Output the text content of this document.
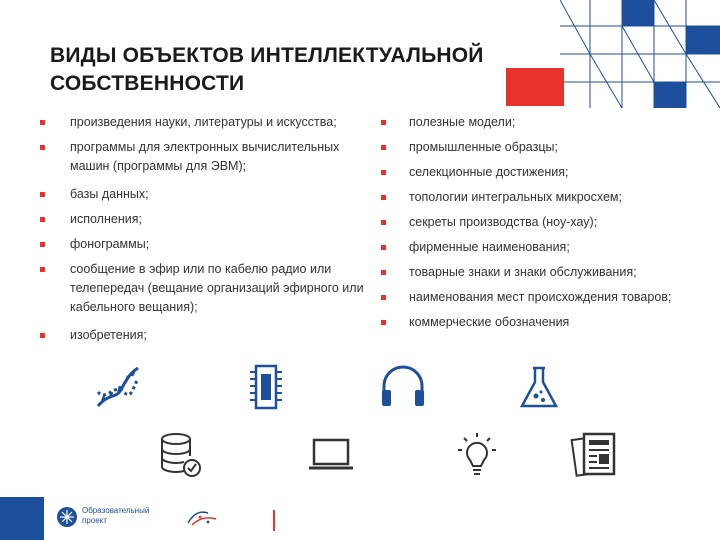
ВИДЫ ОБЪЕКТОВ ИНТЕЛЛЕКТУАЛЬНОЙ
СОБСТВЕННОСТИ
произведения науки, литературы и искусства;
программы для электронных вычислительных машин (программы для ЭВМ);
базы данных;
исполнения;
фонограммы;
сообщение в эфир или по кабелю радио или телепередач (вещание организаций эфирного или кабельного вещания);
изобретения;
полезные модели;
промышленные образцы;
селекционные достижения;
топологии интегральных микросхем;
секреты производства (ноу-хау);
фирменные наименования;
товарные знаки и знаки обслуживания;
наименования мест происхождения товаров;
коммерческие обозначения
Образовательный проект
